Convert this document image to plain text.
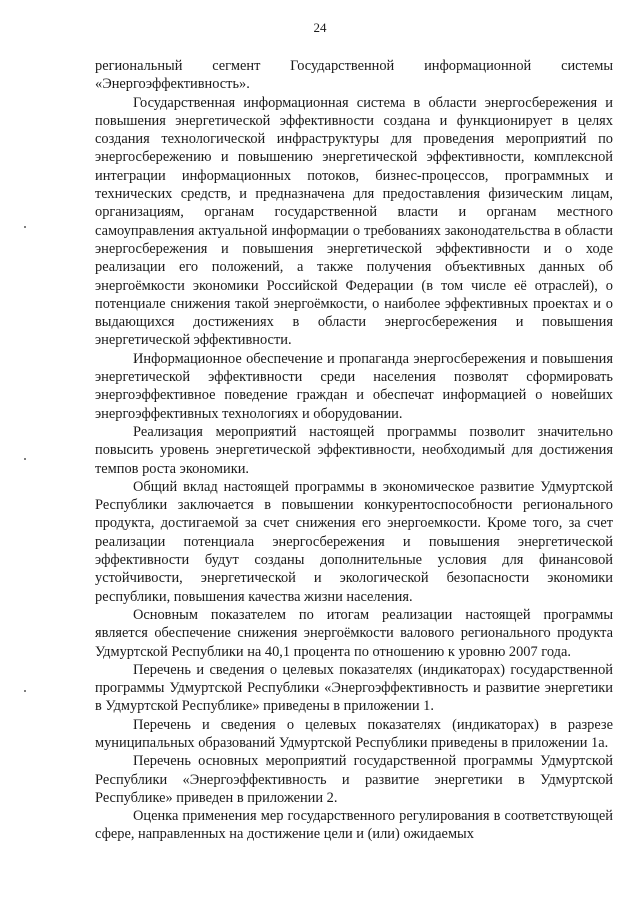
24

региональный сегмент Государственной информационной системы «Энергоэффективность».

Государственная информационная система в области энергосбережения и повышения энергетической эффективности создана и функционирует в целях создания технологической инфраструктуры для проведения мероприятий по энергосбережению и повышению энергетической эффективности, комплексной интеграции информационных потоков, бизнес-процессов, программных и технических средств, и предназначена для предоставления физическим лицам, организациям, органам государственной власти и органам местного самоуправления актуальной информации о требованиях законодательства в области энергосбережения и повышения энергетической эффективности и о ходе реализации его положений, а также получения объективных данных об энергоёмкости экономики Российской Федерации (в том числе её отраслей), о потенциале снижения такой энергоёмкости, о наиболее эффективных проектах и о выдающихся достижениях в области энергосбережения и повышения энергетической эффективности.

Информационное обеспечение и пропаганда энергосбережения и повышения энергетической эффективности среди населения позволят сформировать энергоэффективное поведение граждан и обеспечат информацией о новейших энергоэффективных технологиях и оборудовании.

Реализация мероприятий настоящей программы позволит значительно повысить уровень энергетической эффективности, необходимый для достижения темпов роста экономики.

Общий вклад настоящей программы в экономическое развитие Удмуртской Республики заключается в повышении конкурентоспособности регионального продукта, достигаемой за счет снижения его энергоемкости. Кроме того, за счет реализации потенциала энергосбережения и повышения энергетической эффективности будут созданы дополнительные условия для финансовой устойчивости, энергетической и экологической безопасности экономики республики, повышения качества жизни населения.

Основным показателем по итогам реализации настоящей программы является обеспечение снижения энергоёмкости валового регионального продукта Удмуртской Республики на 40,1 процента по отношению к уровню 2007 года.

Перечень и сведения о целевых показателях (индикаторах) государственной программы Удмуртской Республики «Энергоэффективность и развитие энергетики в Удмуртской Республике» приведены в приложении 1.

Перечень и сведения о целевых показателях (индикаторах) в разрезе муниципальных образований Удмуртской Республики приведены в приложении 1а.

Перечень основных мероприятий государственной программы Удмуртской Республики «Энергоэффективность и развитие энергетики в Удмуртской Республике» приведен в приложении 2.

Оценка применения мер государственного регулирования в соответствующей сфере, направленных на достижение цели и (или) ожидаемых
